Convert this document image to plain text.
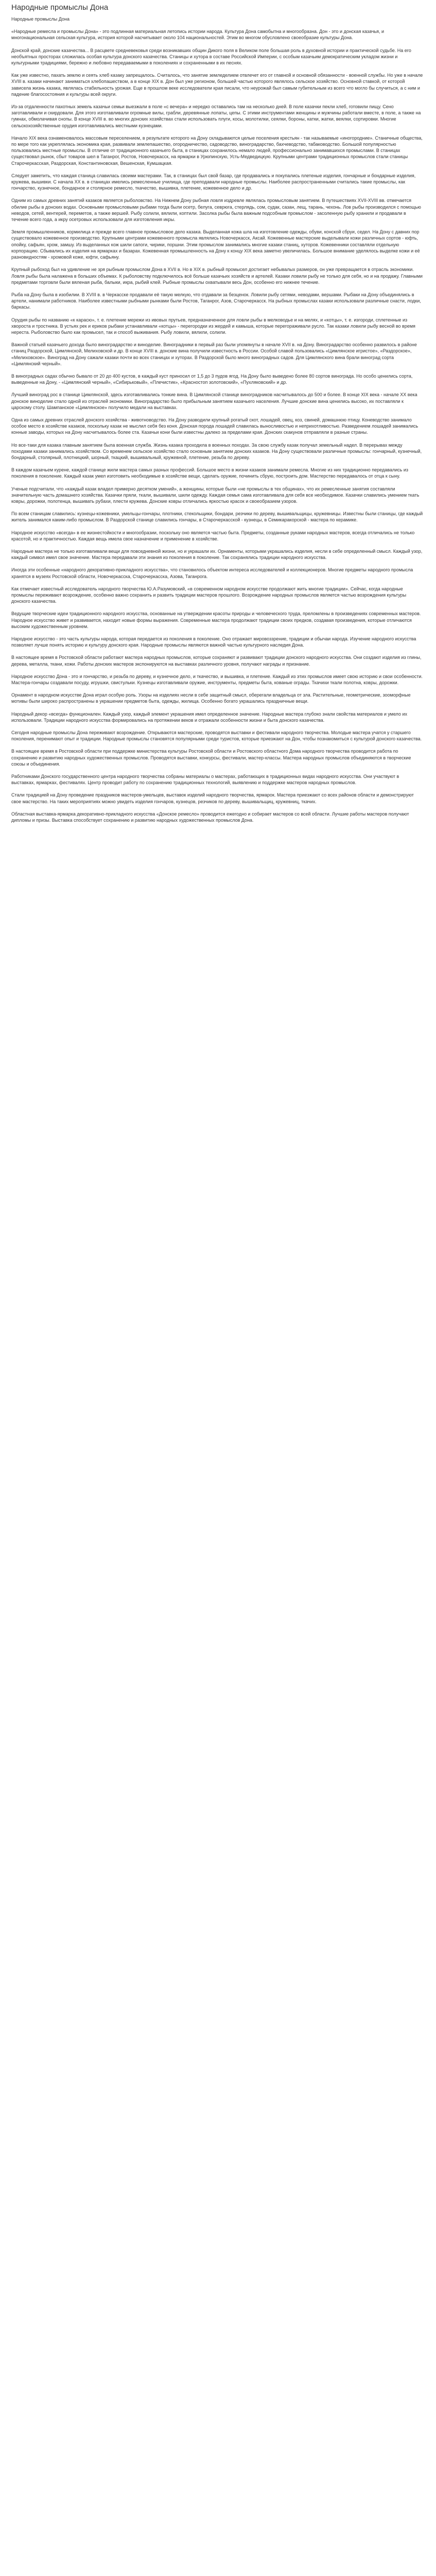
Народные промыслы Дона

Народные промыслы Дона

«Народные ремесла и промыслы Дона» - это подлинная материальная летопись истории народа. Культура Дона самобытна и многообразна. Дон - это и донская казачья, и многонациональная сельская культура, история которой насчитывает около 104 национальностей. Этим во многом обусловлено своеобразие культуры Дона.

Донской край, донские казачества... В расцвете средневековья среди возникавших общин Дикого поля в Великом поле большая роль в духовной истории и практической судьбе. На его необъятных просторах сложилась особая культура донского казачества. Станицы и хутора в составе Российской Империи, с особым казачьим демократическим укладом жизни и культурными традициями, бережно и любовно передаваемыми в поколениях и сохраненными в их песнях.

Как уже известно, пахать землю и сеять хлеб казаку запрещалось. Считалось, что занятие земледелием отвлечет его от главной и основной обязанности - военной службы. Но уже в начале XVIII в. казаки начинают заниматься хлебопашеством, а в конце XIX в. Дон был уже регионом, большей частью которого являлось сельское хозяйство. Основной ставкой, от которой зависела жизнь казака, являлась стабильность урожая. Еще в прошлом веке исследователи края писали, что неурожай был самым губительным из всего что могло бы случиться, а с ним и падение благосостояния и культуры всей округи.

Из-за отдаленности пахотных земель казачьи семьи выезжали в поле «с вечера» и нередко оставались там на несколько дней. В поле казачки пекли хлеб, готовили пищу. Сено заготавливали и скирдовали. Для этого изготавливали огромные вилы, грабли, деревянные лопаты, цепы. С этими инструментами женщины и мужчины работали вместе, в поле, а также на гумнах, обмолачивая снопы. В конце XVIII в. во многих донских хозяйствах стали использовать плуги, косы, молотилки, сеялки, бороны, катки, жатки, веялки, сортировки. Многие сельскохозяйственные орудия изготавливались местными кузнецами.

Начало XIX века ознаменовалось массовым переселением, в результате которого на Дону складываются целые поселения крестьян - так называемые «иногородние». Станичные общества, по мере того как укреплялась экономика края, развивали землепашество, огородничество, садоводство, виноградарство, бахчеводство, табаководство. Большой популярностью пользовались местные промыслы. В отличие от традиционного казачьего быта, в станицах сохранилось немало людей, профессионально занимавшихся промыслами. В станицах существовал рынок, сбыт товаров шел в Таганрог, Ростов, Новочеркасск, на ярмарки в Урюпинскую, Усть-Медведицкую. Крупными центрами традиционных промыслов стали станицы Старочеркасская, Раздорская, Константиновская, Вешенская, Кумшацкая.

Следует заметить, что каждая станица славилась своими мастерами. Так, в станицах был свой базар, где продавались и покупались плетеные изделия, гончарные и бондарные изделия, кружева, вышивки. С начала XX в. в станицах имелись ремесленные училища, где преподавали народные промыслы. Наиболее распространенными считались такие промыслы, как гончарство, кузнечное, бондарное и столярное ремесло, ткачество, вышивка, плетение, кожевенное дело и др.

Одним из самых древних занятий казаков является рыболовство. На Нижнем Дону рыбная ловля издревле являлась промысловым занятием. В путешествиях XVII-XVIII вв. отмечается обилие рыбы в донских водах. Основными промысловыми рыбами тогда были осетр, белуга, севрюга, стерлядь, сом, судак, сазан, лещ, тарань, чехонь. Лов рыбы производился с помощью неводов, сетей, вентерей, переметов, а также вершей. Рыбу солили, вялили, коптили. Засолка рыбы была важным подсобным промыслом - засоленную рыбу хранили и продавали в течение всего года, а икру осетровых использовали для изготовления икры.

Земля промышленников, кормилица и прежде всего главное промысловое дело казака. Выделанная кожа шла на изготовление одежды, обуви, конской сбруи, седел. На Дону с давних пор существовало кожевенное производство. Крупными центрами кожевенного промысла являлись Новочеркасск, Аксай. Кожевенные мастерские выделывали кожи различных сортов - юфть, опойку, сафьян, хром, замшу. Из выделанных кож шили сапоги, чирики, поршни. Этим промыслом занимались многие казаки станиц, хуторов. Кожевенники составляли отдельную корпорацию. Сбывались их изделия на ярмарках и базарах. Кожевенная промышленность на Дону к концу XIX века заметно увеличилась. Большое внимание уделялось выделке кожи и её разновидностям - хромовой коже, юфти, сафьяну.

Крупный рыбоход был на удивление не зря рыбным промыслом Дона в XVII в. Но в XIX в. рыбный промысел достигает небывалых размеров, он уже превращается в отрасль экономики. Ловля рыбы была налажена в больших объемах. К рыболовству подключилось всё больше казачьих хозяйств и артелей. Казаки ловили рыбу не только для себя, но и на продажу. Главными предметами торговли были вяленая рыба, балыки, икра, рыбий клей. Рыбные промыслы охватывали весь Дон, особенно его нижнее течение.

Рыба на Дону была в изобилии. В XVIII в. в Черкасске продавали её такую мелкую, что отдавали за безценок. Ловили рыбу сетями, неводами, вершами. Рыбаки на Дону объединялись в артели, нанимали работников. Наиболее известными рыбными рынками были Ростов, Таганрог, Азов, Старочеркасск. На рыбных промыслах казаки использовали различные снасти, лодки, баркасы.

Орудия рыбы по названию «к карасю», т. е. плетение мережи из ивовых прутьев, предназначенное для ловли рыбы в мелководье и на мелях, и «котцы», т. е. изгороди, сплетенные из хвороста и тростника. В устьях рек и ериков рыбаки устанавливали «котцы» - перегородки из жердей и камыша, которые перегораживали русло. Так казаки ловили рыбу весной во время нереста. Рыболовство было как промысел, так и способ выживания. Рыбу ловили, вялили, солили.

Важной статьей казачьего дохода было виноградарство и виноделие. Виноградники в первый раз были упомянуты в начале XVII в. на Дону. Виноградарство особенно развилось в районе станиц Раздорской, Цимлянской, Мелиховской и др. В конце XVIII в. донские вина получили известность в России. Особой славой пользовались «Цимлянское игристое», «Раздорское», «Мелиховское». Виноград на Дону сажали казаки почти во всех станицах и хуторах. В Раздорской было много виноградных садов. Для Цимлянского вина брали виноград сорта «Цимлянский черный».

В виноградных садах обычно бывало от 20 до 400 кустов, в каждый куст приносил от 1,5 до 3 пудов ягод. На Дону было выведено более 80 сортов винограда. Но особо ценились сорта, выведенные на Дону, - «Цимлянский черный», «Сибирьковый», «Плечистик», «Красностоп золотовский», «Пухляковский» и др.

Лучший виноград рос в станице Цимлянской, здесь изготавливались тонкие вина. В Цимлянской станице виноградников насчитывалось до 500 и более. В конце XIX века - начале XX века донское виноделие стало одной из отраслей экономики. Виноградарство было прибыльным занятием казачьего населения. Лучшие донские вина ценились высоко, их поставляли к царскому столу. Шампанское «Цимлянское» получило медали на выставках.

Одна из самых древних отраслей донского хозяйства - животноводство. На Дону разводили крупный рогатый скот, лошадей, овец, коз, свиней, домашнюю птицу. Коневодство занимало особое место в хозяйстве казаков, поскольку казак не мыслил себя без коня. Донская порода лошадей славилась выносливостью и неприхотливостью. Разведением лошадей занимались конные заводы, которых на Дону насчитывалось более ста. Казачьи кони были известны далеко за пределами края. Донских скакунов отправляли в разные страны.

Но все-таки для казака главным занятием была военная служба. Жизнь казака проходила в военных походах. За свою службу казак получал земельный надел. В перерывах между походами казаки занимались хозяйством. Со временем сельское хозяйство стало основным занятием донских казаков. На Дону существовали различные промыслы: гончарный, кузнечный, бондарный, столярный, плотницкий, шорный, ткацкий, вышивальный, кружевной, плетение, резьба по дереву.

В каждом казачьем курене, каждой станице жили мастера самых разных профессий. Большое место в жизни казаков занимали ремесла. Многие из них традиционно передавались из поколения в поколение. Каждый казак умел изготовить необходимые в хозяйстве вещи, сделать оружие, починить сбрую, построить дом. Мастерство передавалось от отца к сыну.

Ученые подсчитали, что «каждый казак владел примерно десятком умений», а женщины, которые были «не промыслы в тех общинах», что их ремесленные занятия составляли значительную часть домашнего хозяйства. Казачки пряли, ткали, вышивали, шили одежду. Каждая семья сама изготавливала для себя все необходимое. Казачки славились умением ткать ковры, дорожки, полотенца, вышивать рубахи, плести кружева. Донские ковры отличались яркостью красок и своеобразием узоров.

По всем станицам славились: кузнецы-кожевники, умельцы-гончары, плотники, стекольщики, бондари, резчики по дереву, вышивальщицы, кружевницы. Известны были станицы, где каждый житель занимался каким-либо промыслом. В Раздорской станице славились гончары, в Старочеркасской - кузнецы, в Семикаракорской - мастера по керамике.

Народное искусство «всегда» в ее жизнестойкости и многообразии, поскольку оно является частью быта. Предметы, созданные руками народных мастеров, всегда отличались не только красотой, но и практичностью. Каждая вещь имела свое назначение и применение в хозяйстве.

Народные мастера не только изготавливали вещи для повседневной жизни, но и украшали их. Орнаменты, которыми украшались изделия, несли в себе определенный смысл. Каждый узор, каждый символ имел свое значение. Мастера передавали эти знания из поколения в поколение. Так сохранялись традиции народного искусства.

Иногда эти особенные «народного декоративно-прикладного искусства», что становилось объектом интереса исследователей и коллекционеров. Многие предметы народного промысла хранятся в музеях Ростовской области, Новочеркасска, Старочеркасска, Азова, Таганрога.

Как отмечает известный исследователь народного творчества Ю.А.Разумовский, «в современном народном искусстве продолжают жить многие традиции». Сейчас, когда народные промыслы переживают возрождение, особенно важно сохранить и развить традиции мастеров прошлого. Возрождение народных промыслов является частью возрождения культуры донского казачества.

Ведущие творческие идеи традиционного народного искусства, основанные на утверждении красоты природы и человеческого труда, преломлены в произведениях современных мастеров. Народное искусство живет и развивается, находит новые формы выражения. Современные мастера продолжают традиции своих предков, создавая произведения, которые отличаются высоким художественным уровнем.

Народное искусство - это часть культуры народа, которая передается из поколения в поколение. Оно отражает мировоззрение, традиции и обычаи народа. Изучение народного искусства позволяет лучше понять историю и культуру донского края. Народные промыслы являются важной частью культурного наследия Дона.

В настоящее время в Ростовской области работают мастера народных промыслов, которые сохраняют и развивают традиции донского народного искусства. Они создают изделия из глины, дерева, металла, ткани, кожи. Работы донских мастеров экспонируются на выставках различного уровня, получают награды и признание.

Народное искусство Дона - это и гончарство, и резьба по дереву, и кузнечное дело, и ткачество, и вышивка, и плетение. Каждый из этих промыслов имеет свою историю и свои особенности. Мастера-гончары создавали посуду, игрушки, свистульки. Кузнецы изготавливали оружие, инструменты, предметы быта, кованые ограды. Ткачихи ткали полотна, ковры, дорожки.

Орнамент в народном искусстве Дона играл особую роль. Узоры на изделиях несли в себе защитный смысл, оберегали владельца от зла. Растительные, геометрические, зооморфные мотивы были широко распространены в украшении предметов быта, одежды, жилища. Особенно богато украшались праздничные вещи.

Народный декор «всегда» функционален. Каждый узор, каждый элемент украшения имел определенное значение. Народные мастера глубоко знали свойства материалов и умело их использовали. Традиции народного искусства формировались на протяжении веков и отражали особенности жизни и быта донского казачества.

Сегодня народные промыслы Дона переживают возрождение. Открываются мастерские, проводятся выставки и фестивали народного творчества. Молодые мастера учатся у старшего поколения, перенимают опыт и традиции. Народные промыслы становятся популярными среди туристов, которые приезжают на Дон, чтобы познакомиться с культурой донского казачества.

В настоящее время в Ростовской области при поддержке министерства культуры Ростовской области и Ростовского областного Дома народного творчества проводится работа по сохранению и развитию народных художественных промыслов. Проводятся выставки, конкурсы, фестивали, мастер-классы. Мастера народных промыслов объединяются в творческие союзы и объединения.

Работниками Донского государственного центра народного творчества собраны материалы о мастерах, работающих в традиционных видах народного искусства. Они участвуют в выставках, ярмарках, фестивалях. Центр проводит работу по сохранению традиционных технологий, выявлению и поддержке мастеров народных промыслов.

Стали традицией на Дону проведение праздников мастеров-умельцев, выставок изделий народного творчества, ярмарок. Мастера приезжают со всех районов области и демонстрируют свое мастерство. На таких мероприятиях можно увидеть изделия гончаров, кузнецов, резчиков по дереву, вышивальщиц, кружевниц, ткачих.

Областная выставка-ярмарка декоративно-прикладного искусства «Донское ремесло» проводится ежегодно и собирает мастеров со всей области. Лучшие работы мастеров получают дипломы и призы. Выставка способствует сохранению и развитию народных художественных промыслов Дона.
